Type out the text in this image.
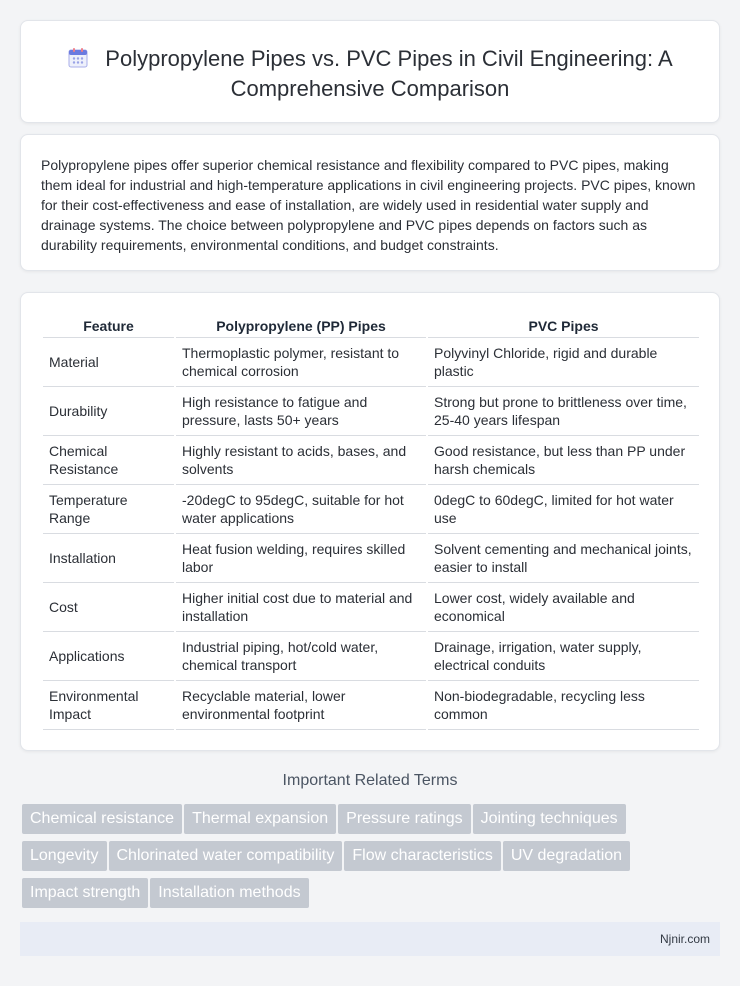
Polypropylene Pipes vs. PVC Pipes in Civil Engineering: A Comprehensive Comparison

Polypropylene pipes offer superior chemical resistance and flexibility compared to PVC pipes, making them ideal for industrial and high-temperature applications in civil engineering projects. PVC pipes, known for their cost-effectiveness and ease of installation, are widely used in residential water supply and drainage systems. The choice between polypropylene and PVC pipes depends on factors such as durability requirements, environmental conditions, and budget constraints.

Feature	Polypropylene (PP) Pipes	PVC Pipes
Material	Thermoplastic polymer, resistant to chemical corrosion	Polyvinyl Chloride, rigid and durable plastic
Durability	High resistance to fatigue and pressure, lasts 50+ years	Strong but prone to brittleness over time, 25-40 years lifespan
Chemical Resistance	Highly resistant to acids, bases, and solvents	Good resistance, but less than PP under harsh chemicals
Temperature Range	-20degC to 95degC, suitable for hot water applications	0degC to 60degC, limited for hot water use
Installation	Heat fusion welding, requires skilled labor	Solvent cementing and mechanical joints, easier to install
Cost	Higher initial cost due to material and installation	Lower cost, widely available and economical
Applications	Industrial piping, hot/cold water, chemical transport	Drainage, irrigation, water supply, electrical conduits
Environmental Impact	Recyclable material, lower environmental footprint	Non-biodegradable, recycling less common
Important Related Terms
Chemical resistance Thermal expansion Pressure ratings Jointing techniques
Longevity Chlorinated water compatibility Flow characteristics UV degradation
Impact strength Installation methods
Njnir.com
